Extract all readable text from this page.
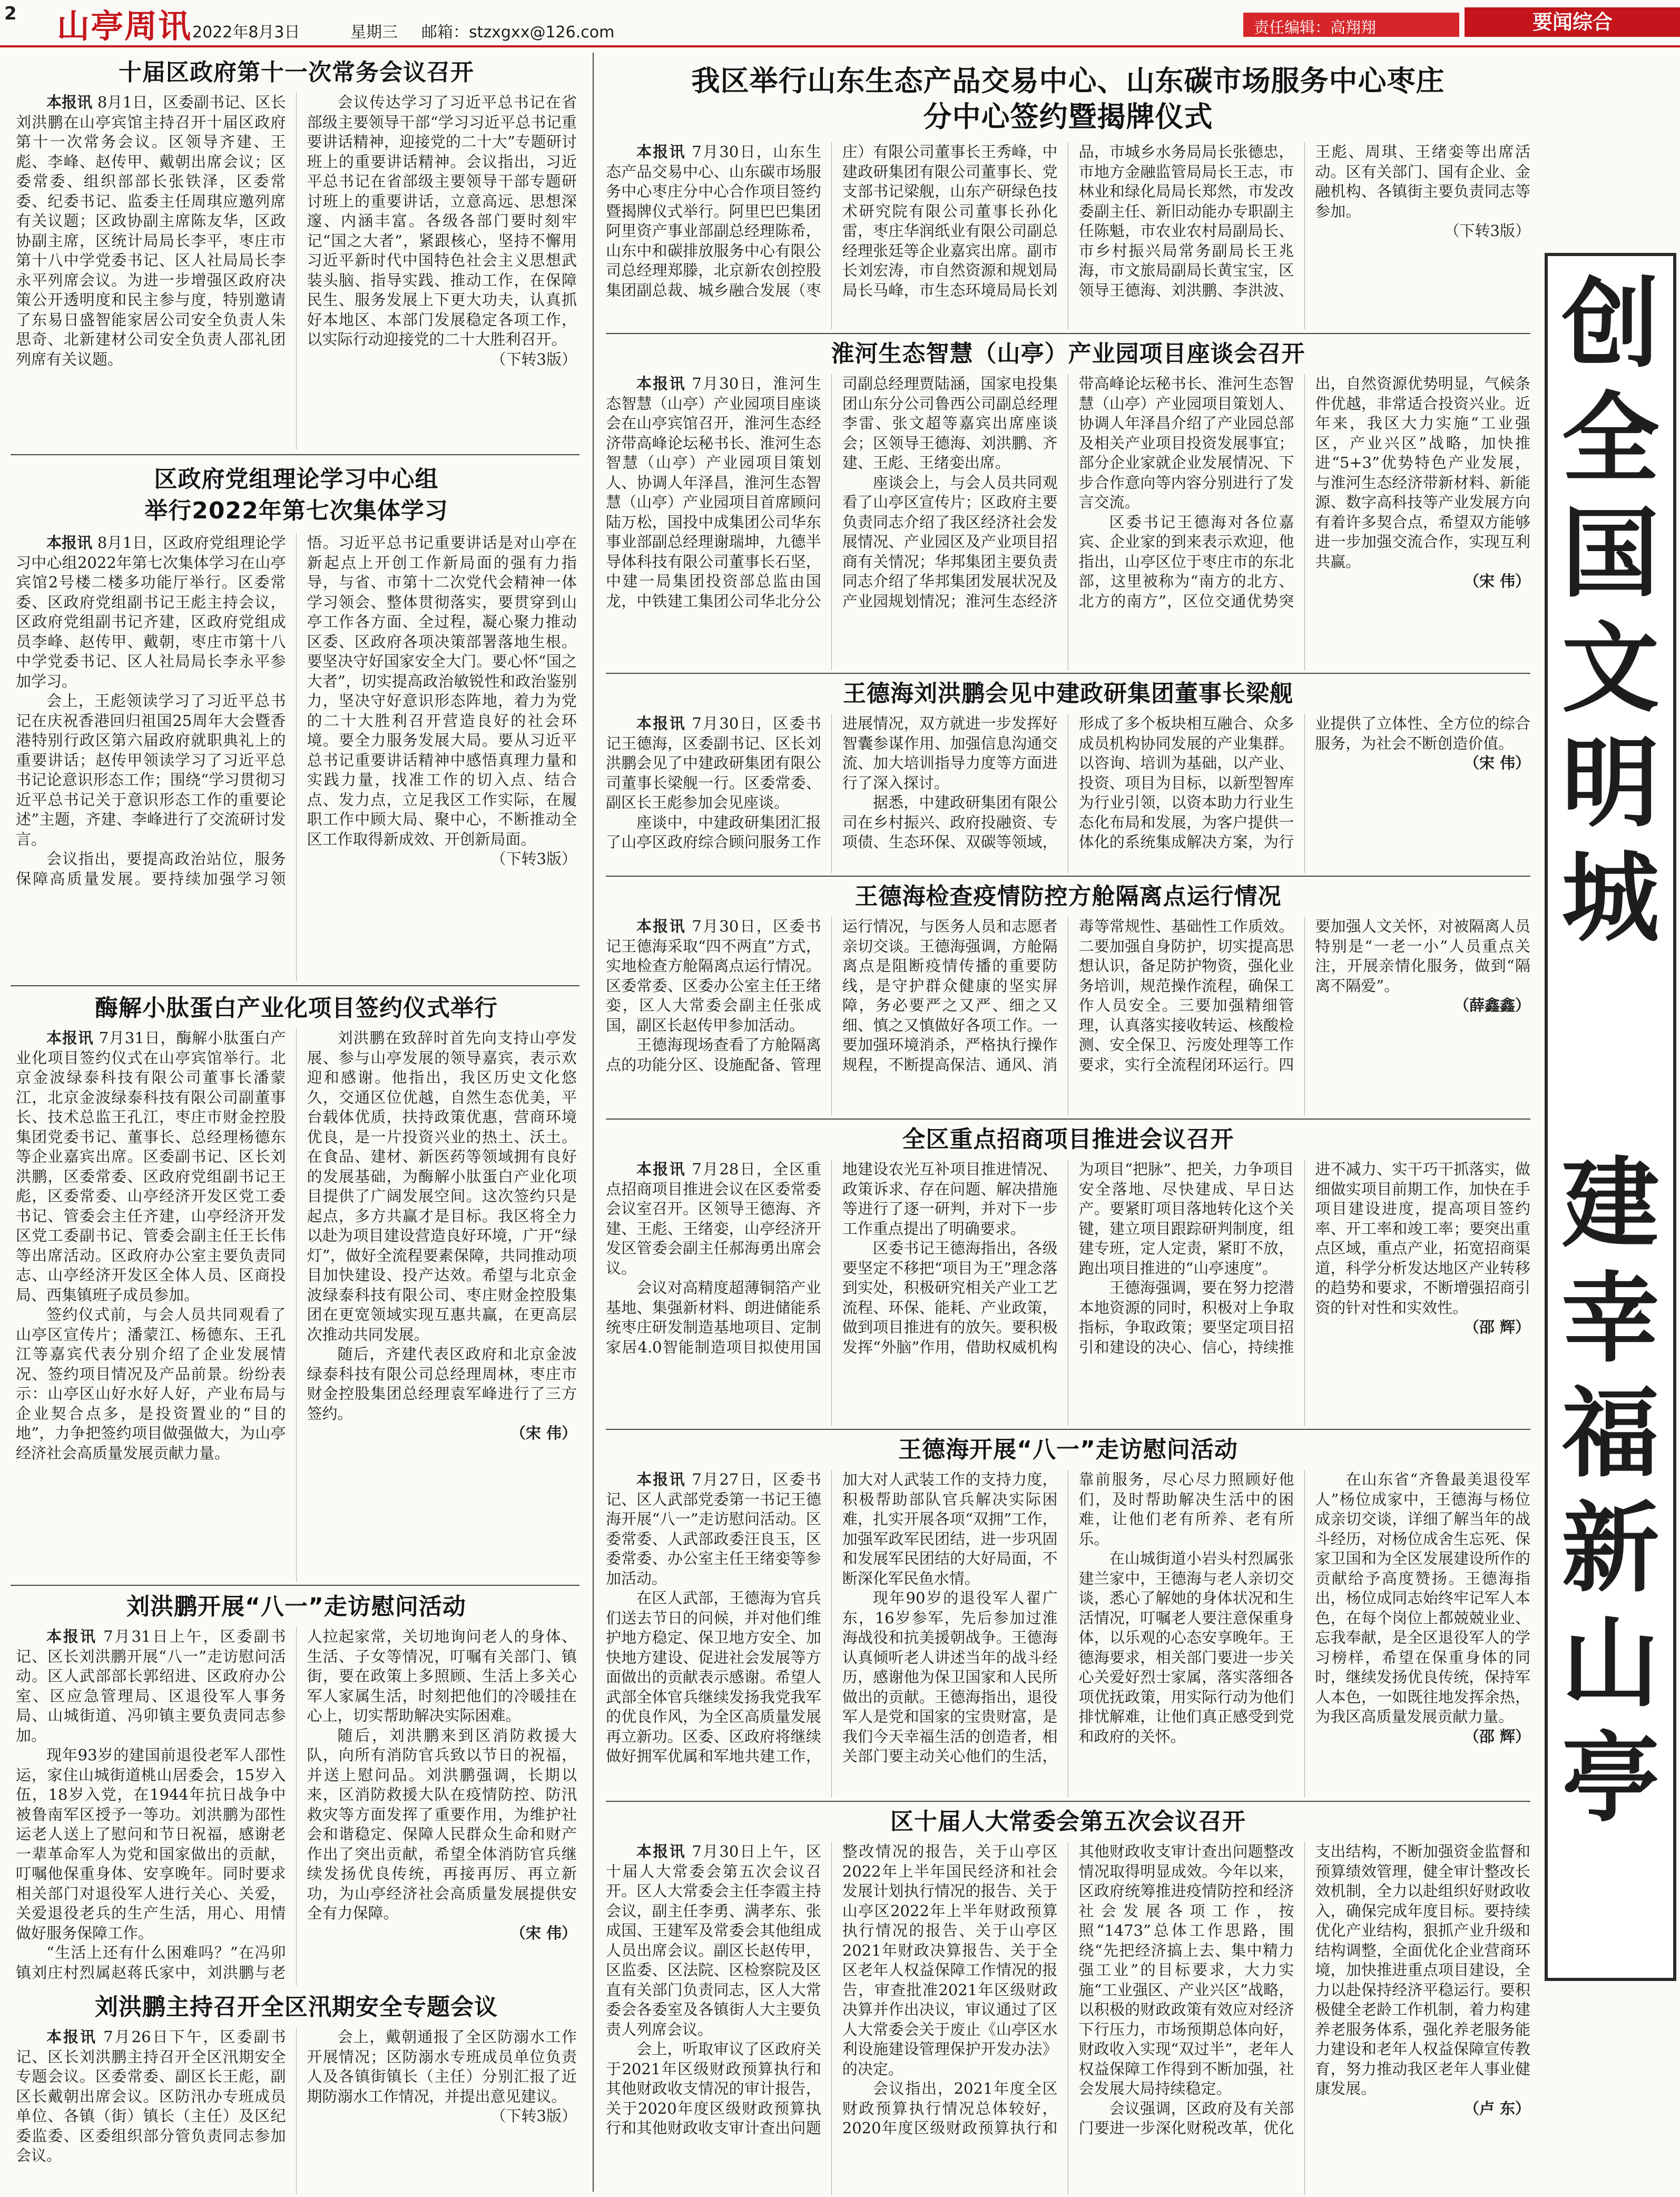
2 山亭周讯 2022年8月3日	星期三 邮箱：stzxgxx@126.com	责任编辑：高翔翔	要闻综合
创
全
国
文
明
城
建
幸
福
新
山
亭
十届区政府第十一次常务会议召开

本报讯 8月1日，区委副书记、区长刘洪鹏在山亭宾馆主持召开十届区政府第十一次常务会议。区领导齐建、王彪、李峰、赵传甲、戴朝出席会议；区委常委、组织部部长张铁泽，区委常委、纪委书记、监委主任周琪应邀列席有关议题；区政协副主席陈友华，区政协副主席，区统计局局长李平，枣庄市第十八中学党委书记、区人社局局长李永平列席会议。为进一步增强区政府决策公开透明度和民主参与度，特别邀请了东易日盛智能家居公司安全负责人朱思奇、北新建材公司安全负责人邵礼团列席有关议题。

会议传达学习了习近平总书记在省部级主要领导干部“学习习近平总书记重要讲话精神，迎接党的二十大”专题研讨班上的重要讲话精神。会议指出，习近平总书记在省部级主要领导干部专题研讨班上的重要讲话，立意高远、思想深邃、内涵丰富。各级各部门要时刻牢记“国之大者”，紧跟核心，坚持不懈用习近平新时代中国特色社会主义思想武装头脑、指导实践、推动工作，在保障民生、服务发展上下更大功夫，认真抓好本地区、本部门发展稳定各项工作，以实际行动迎接党的二十大胜利召开。

（下转3版）

区政府党组理论学习中心组
举行2022年第七次集体学习

本报讯 8月1日，区政府党组理论学习中心组2022年第七次集体学习在山亭宾馆2号楼二楼多功能厅举行。区委常委、区政府党组副书记王彪主持会议，区政府党组副书记齐建，区政府党组成员李峰、赵传甲、戴朝，枣庄市第十八中学党委书记、区人社局局长李永平参加学习。

会上，王彪领读学习了习近平总书记在庆祝香港回归祖国25周年大会暨香港特别行政区第六届政府就职典礼上的重要讲话；赵传甲领读学习了习近平总书记论意识形态工作；围绕“学习贯彻习近平总书记关于意识形态工作的重要论述”主题，齐建、李峰进行了交流研讨发言。

会议指出，要提高政治站位，服务保障高质量发展。要持续加强学习领悟。习近平总书记重要讲话是对山亭在新起点上开创工作新局面的强有力指导，与省、市第十二次党代会精神一体学习领会、整体贯彻落实，要贯穿到山亭工作各方面、全过程，凝心聚力推动区委、区政府各项决策部署落地生根。要坚决守好国家安全大门。要心怀“国之大者”，切实提高政治敏锐性和政治鉴别力，坚决守好意识形态阵地，着力为党的二十大胜利召开营造良好的社会环境。要全力服务发展大局。要从习近平总书记重要讲话精神中感悟真理力量和实践力量，找准工作的切入点、结合点、发力点，立足我区工作实际，在履职工作中顾大局、聚中心，不断推动全区工作取得新成效、开创新局面。

（下转3版）

酶解小肽蛋白产业化项目签约仪式举行

本报讯 7月31日，酶解小肽蛋白产业化项目签约仪式在山亭宾馆举行。北京金波绿泰科技有限公司董事长潘蒙江，北京金波绿泰科技有限公司副董事长、技术总监王孔江，枣庄市财金控股集团党委书记、董事长、总经理杨德东等企业嘉宾出席。区委副书记、区长刘洪鹏，区委常委、区政府党组副书记王彪，区委常委、山亭经济开发区党工委书记、管委会主任齐建，山亭经济开发区党工委副书记、管委会副主任王长伟等出席活动。区政府办公室主要负责同志、山亭经济开发区全体人员、区商投局、西集镇班子成员参加。

签约仪式前，与会人员共同观看了山亭区宣传片；潘蒙江、杨德东、王孔江等嘉宾代表分别介绍了企业发展情况、签约项目情况及产品前景。纷纷表示：山亭区山好水好人好，产业布局与企业契合点多，是投资置业的“目的地”，力争把签约项目做强做大，为山亭经济社会高质量发展贡献力量。

刘洪鹏在致辞时首先向支持山亭发展、参与山亭发展的领导嘉宾，表示欢迎和感谢。他指出，我区历史文化悠久，交通区位优越，自然生态优美，平台载体优质，扶持政策优惠，营商环境优良，是一片投资兴业的热土、沃土。在食品、建材、新医药等领域拥有良好的发展基础，为酶解小肽蛋白产业化项目提供了广阔发展空间。这次签约只是起点，多方共赢才是目标。我区将全力以赴为项目建设营造良好环境，广开“绿灯”，做好全流程要素保障，共同推动项目加快建设、投产达效。希望与北京金波绿泰科技有限公司、枣庄财金控股集团在更宽领域实现互惠共赢，在更高层次推动共同发展。

随后，齐建代表区政府和北京金波绿泰科技有限公司总经理周林，枣庄市财金控股集团总经理袁军峰进行了三方签约。

（宋 伟）

刘洪鹏开展“八一”走访慰问活动

本报讯 7月31日上午，区委副书记、区长刘洪鹏开展“八一”走访慰问活动。区人武部部长郭绍进、区政府办公室、区应急管理局、区退役军人事务局、山城街道、冯卯镇主要负责同志参加。

现年93岁的建国前退役老军人邵性运，家住山城街道桃山居委会，15岁入伍，18岁入党，在1944年抗日战争中被鲁南军区授予一等功。刘洪鹏为邵性运老人送上了慰问和节日祝福，感谢老一辈革命军人为党和国家做出的贡献，叮嘱他保重身体、安享晚年。同时要求相关部门对退役军人进行关心、关爱，关爱退役老兵的生产生活，用心、用情做好服务保障工作。

“生活上还有什么困难吗？”在冯卯镇刘庄村烈属赵蒋氏家中，刘洪鹏与老人拉起家常，关切地询问老人的身体、生活、子女等情况，叮嘱有关部门、镇街，要在政策上多照顾、生活上多关心军人家属生活，时刻把他们的冷暖挂在心上，切实帮助解决实际困难。

随后，刘洪鹏来到区消防救援大队，向所有消防官兵致以节日的祝福，并送上慰问品。刘洪鹏强调，长期以来，区消防救援大队在疫情防控、防汛救灾等方面发挥了重要作用，为维护社会和谐稳定、保障人民群众生命和财产作出了突出贡献，希望全体消防官兵继续发扬优良传统，再接再厉、再立新功，为山亭经济社会高质量发展提供安全有力保障。

（宋 伟）

刘洪鹏主持召开全区汛期安全专题会议

本报讯 7月26日下午，区委副书记、区长刘洪鹏主持召开全区汛期安全专题会议。区委常委、副区长王彪，副区长戴朝出席会议。区防汛办专班成员单位、各镇（街）镇长（主任）及区纪委监委、区委组织部分管负责同志参加会议。

会上，戴朝通报了全区防溺水工作开展情况；区防溺水专班成员单位负责人及各镇街镇长（主任）分别汇报了近期防溺水工作情况，并提出意见建议。

（下转3版）

我区举行山东生态产品交易中心、山东碳市场服务中心枣庄
分中心签约暨揭牌仪式

本报讯 7月30日，山东生态产品交易中心、山东碳市场服务中心枣庄分中心合作项目签约暨揭牌仪式举行。阿里巴巴集团阿里资产事业部副总经理陈希，山东中和碳排放服务中心有限公司总经理郑滕，北京新农创控股集团副总裁、城乡融合发展（枣庄）有限公司董事长王秀峰，中建政研集团有限公司董事长、党支部书记梁舰，山东产研绿色技术研究院有限公司董事长孙化雷，枣庄华润纸业有限公司副总经理张廷等企业嘉宾出席。副市长刘宏涛，市自然资源和规划局局长马峰，市生态环境局局长刘品，市城乡水务局局长张德忠，市地方金融监管局局长王志，市林业和绿化局局长郑然，市发改委副主任、新旧动能办专职副主任陈魁，市农业农村局副局长、市乡村振兴局常务副局长王兆海，市文旅局副局长黄宝宝，区领导王德海、刘洪鹏、李洪波、王彪、周琪、王绪娈等出席活动。区有关部门、国有企业、金融机构、各镇街主要负责同志等参加。

（下转3版）

淮河生态智慧（山亭）产业园项目座谈会召开

本报讯 7月30日，淮河生态智慧（山亭）产业园项目座谈会在山亭宾馆召开，淮河生态经济带高峰论坛秘书长、淮河生态智慧（山亭）产业园项目策划人、协调人年泽昌，淮河生态智慧（山亭）产业园项目首席顾问陆万松，国投中成集团公司华东事业部副总经理谢瑞坤，九德半导体科技有限公司董事长石坚，中建一局集团投资部总监由国龙，中铁建工集团公司华北分公司副总经理贾陆涵，国家电投集团山东分公司鲁西公司副总经理李雷、张文超等嘉宾出席座谈会；区领导王德海、刘洪鹏、齐建、王彪、王绪娈出席。

座谈会上，与会人员共同观看了山亭区宣传片；区政府主要负责同志介绍了我区经济社会发展情况、产业园区及产业项目招商有关情况；华邦集团主要负责同志介绍了华邦集团发展状况及产业园规划情况；淮河生态经济带高峰论坛秘书长、淮河生态智慧（山亭）产业园项目策划人、协调人年泽昌介绍了产业园总部及相关产业项目投资发展事宜；部分企业家就企业发展情况、下步合作意向等内容分别进行了发言交流。

区委书记王德海对各位嘉宾、企业家的到来表示欢迎，他指出，山亭区位于枣庄市的东北部，这里被称为“南方的北方、北方的南方”，区位交通优势突出，自然资源优势明显，气候条件优越，非常适合投资兴业。近年来，我区大力实施“工业强区，产业兴区”战略，加快推进“5+3”优势特色产业发展，与淮河生态经济带新材料、新能源、数字高科技等产业发展方向有着许多契合点，希望双方能够进一步加强交流合作，实现互利共赢。

（宋 伟）

王德海刘洪鹏会见中建政研集团董事长梁舰

本报讯 7月30日，区委书记王德海，区委副书记、区长刘洪鹏会见了中建政研集团有限公司董事长梁舰一行。区委常委、副区长王彪参加会见座谈。

座谈中，中建政研集团汇报了山亭区政府综合顾问服务工作进展情况，双方就进一步发挥好智囊参谋作用、加强信息沟通交流、加大培训指导力度等方面进行了深入探讨。

据悉，中建政研集团有限公司在乡村振兴、政府投融资、专项债、生态环保、双碳等领域，形成了多个板块相互融合、众多成员机构协同发展的产业集群。以咨询、培训为基础，以产业、投资、项目为目标，以新型智库为行业引领，以资本助力行业生态化布局和发展，为客户提供一体化的系统集成解决方案，为行业提供了立体性、全方位的综合服务，为社会不断创造价值。

（宋 伟）

王德海检查疫情防控方舱隔离点运行情况

本报讯 7月30日，区委书记王德海采取“四不两直”方式，实地检查方舱隔离点运行情况。区委常委、区委办公室主任王绪娈，区人大常委会副主任张成国，副区长赵传甲参加活动。

王德海现场查看了方舱隔离点的功能分区、设施配备、管理运行情况，与医务人员和志愿者亲切交谈。王德海强调，方舱隔离点是阻断疫情传播的重要防线，是守护群众健康的坚实屏障，务必要严之又严、细之又细、慎之又慎做好各项工作。一要加强环境消杀，严格执行操作规程，不断提高保洁、通风、消毒等常规性、基础性工作质效。二要加强自身防护，切实提高思想认识，备足防护物资，强化业务培训，规范操作流程，确保工作人员安全。三要加强精细管理，认真落实接收转运、核酸检测、安全保卫、污废处理等工作要求，实行全流程闭环运行。四要加强人文关怀，对被隔离人员特别是“一老一小”人员重点关注，开展亲情化服务，做到“隔离不隔爱”。

（薛鑫鑫）

全区重点招商项目推进会议召开

本报讯 7月28日，全区重点招商项目推进会议在区委常委会议室召开。区领导王德海、齐建、王彪、王绪娈，山亭经济开发区管委会副主任郝海勇出席会议。

会议对高精度超薄铜箔产业基地、集强新材料、朗进储能系统枣庄研发制造基地项目、定制家居4.0智能制造项目拟使用国地建设农光互补项目推进情况、政策诉求、存在问题、解决措施等进行了逐一研判，并对下一步工作重点提出了明确要求。

区委书记王德海指出，各级要坚定不移把“项目为王”理念落到实处，积极研究相关产业工艺流程、环保、能耗、产业政策，做到项目推进有的放矢。要积极发挥“外脑”作用，借助权威机构为项目“把脉”、把关，力争项目安全落地、尽快建成、早日达产。要紧盯项目落地转化这个关键，建立项目跟踪研判制度，组建专班，定人定责，紧盯不放，跑出项目推进的“山亭速度”。

王德海强调，要在努力挖潜本地资源的同时，积极对上争取指标，争取政策；要坚定项目招引和建设的决心、信心，持续推进不减力、实干巧干抓落实，做细做实项目前期工作，加快在手项目建设进度，提高项目签约率、开工率和竣工率；要突出重点区域，重点产业，拓宽招商渠道，科学分析发达地区产业转移的趋势和要求，不断增强招商引资的针对性和实效性。

（邵 辉）

王德海开展“八一”走访慰问活动

本报讯 7月27日，区委书记、区人武部党委第一书记王德海开展“八一”走访慰问活动。区委常委、人武部政委汪良玉，区委常委、办公室主任王绪娈等参加活动。

在区人武部，王德海为官兵们送去节日的问候，并对他们维护地方稳定、保卫地方安全、加快地方建设、促进社会发展等方面做出的贡献表示感谢。希望人武部全体官兵继续发扬我党我军的优良作风，为全区高质量发展再立新功。区委、区政府将继续做好拥军优属和军地共建工作，加大对人武装工作的支持力度，积极帮助部队官兵解决实际困难，扎实开展各项“双拥”工作，加强军政军民团结，进一步巩固和发展军民团结的大好局面，不断深化军民鱼水情。

现年90岁的退役军人翟广东，16岁参军，先后参加过淮海战役和抗美援朝战争。王德海认真倾听老人讲述当年的战斗经历，感谢他为保卫国家和人民所做出的贡献。王德海指出，退役军人是党和国家的宝贵财富，是我们今天幸福生活的创造者，相关部门要主动关心他们的生活，靠前服务，尽心尽力照顾好他们，及时帮助解决生活中的困难，让他们老有所养、老有所乐。

在山城街道小岩头村烈属张建兰家中，王德海与老人亲切交谈，悉心了解她的身体状况和生活情况，叮嘱老人要注意保重身体，以乐观的心态安享晚年。王德海要求，相关部门要进一步关心关爱好烈士家属，落实落细各项优抚政策，用实际行动为他们排忧解难，让他们真正感受到党和政府的关怀。

在山东省“齐鲁最美退役军人”杨位成家中，王德海与杨位成亲切交谈，详细了解当年的战斗经历，对杨位成舍生忘死、保家卫国和为全区发展建设所作的贡献给予高度赞扬。王德海指出，杨位成同志始终牢记军人本色，在每个岗位上都兢兢业业、忘我奉献，是全区退役军人的学习榜样，希望在保重身体的同时，继续发扬优良传统，保持军人本色，一如既往地发挥余热，为我区高质量发展贡献力量。

（邵 辉）

区十届人大常委会第五次会议召开

本报讯 7月30日上午，区十届人大常委会第五次会议召开。区人大常委会主任李霞主持会议，副主任李勇、满孝东、张成国、王建军及常委会其他组成人员出席会议。副区长赵传甲，区监委、区法院、区检察院及区直有关部门负责同志，区人大常委会各委室及各镇街人大主要负责人列席会议。

会上，听取审议了区政府关于2021年区级财政预算执行和其他财政收支情况的审计报告，关于2020年度区级财政预算执行和其他财政收支审计查出问题整改情况的报告，关于山亭区2022年上半年国民经济和社会发展计划执行情况的报告、关于山亭区2022年上半年财政预算执行情况的报告、关于山亭区2021年财政决算报告、关于全区老年人权益保障工作情况的报告，审查批准2021年区级财政决算并作出决议，审议通过了区人大常委会关于废止《山亭区水利设施建设管理保护开发办法》的决定。

会议指出，2021年度全区财政预算执行情况总体较好，2020年度区级财政预算执行和其他财政收支审计查出问题整改情况取得明显成效。今年以来，区政府统筹推进疫情防控和经济社会发展各项工作，按照“1473”总体工作思路，围绕“先把经济搞上去、集中精力强工业”的目标要求，大力实施“工业强区、产业兴区”战略，以积极的财政政策有效应对经济下行压力，市场预期总体向好，财政收入实现“双过半”，老年人权益保障工作得到不断加强，社会发展大局持续稳定。

会议强调，区政府及有关部门要进一步深化财税改革，优化支出结构，不断加强资金监督和预算绩效管理，健全审计整改长效机制，全力以赴组织好财政收入，确保完成年度目标。要持续优化产业结构，狠抓产业升级和结构调整，全面优化企业营商环境，加快推进重点项目建设，全力以赴保持经济平稳运行。要积极健全老龄工作机制，着力构建养老服务体系，强化养老服务能力建设和老年人权益保障宣传教育，努力推动我区老年人事业健康发展。

（卢 东）
